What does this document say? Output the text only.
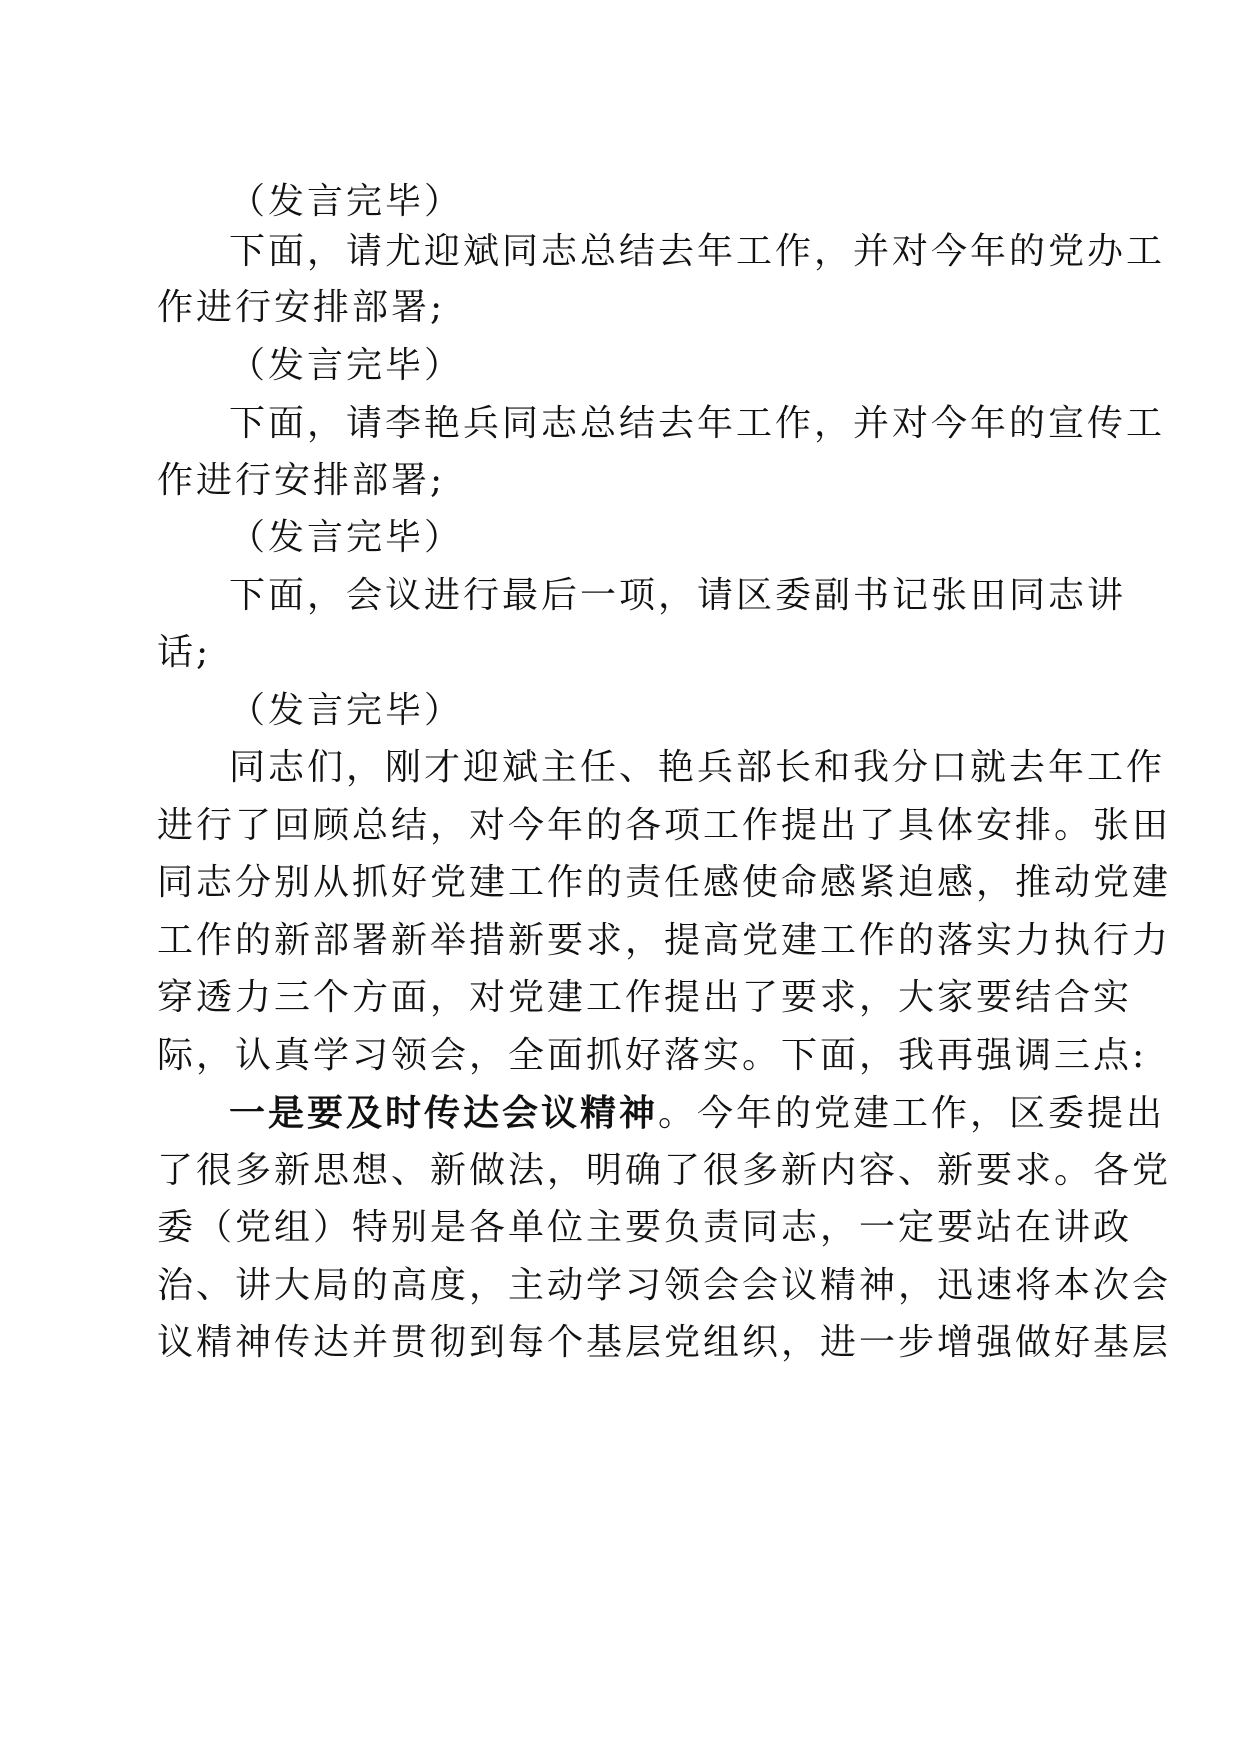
（发言完毕）
下面，请尤迎斌同志总结去年工作，并对今年的党办工
作进行安排部署;
（发言完毕）
下面，请李艳兵同志总结去年工作，并对今年的宣传工
作进行安排部署;
（发言完毕）
下面，会议进行最后一项，请区委副书记张田同志讲
话;
（发言完毕）
同志们，刚才迎斌主任、艳兵部长和我分口就去年工作
进行了回顾总结，对今年的各项工作提出了具体安排。张田
同志分别从抓好党建工作的责任感使命感紧迫感，推动党建
工作的新部署新举措新要求，提高党建工作的落实力执行力
穿透力三个方面，对党建工作提出了要求，大家要结合实
际，认真学习领会，全面抓好落实。下面，我再强调三点:
一是要及时传达会议精神。今年的党建工作，区委提出
了很多新思想、新做法，明确了很多新内容、新要求。各党
委（党组）特别是各单位主要负责同志，一定要站在讲政
治、讲大局的高度，主动学习领会会议精神，迅速将本次会
议精神传达并贯彻到每个基层党组织，进一步增强做好基层
